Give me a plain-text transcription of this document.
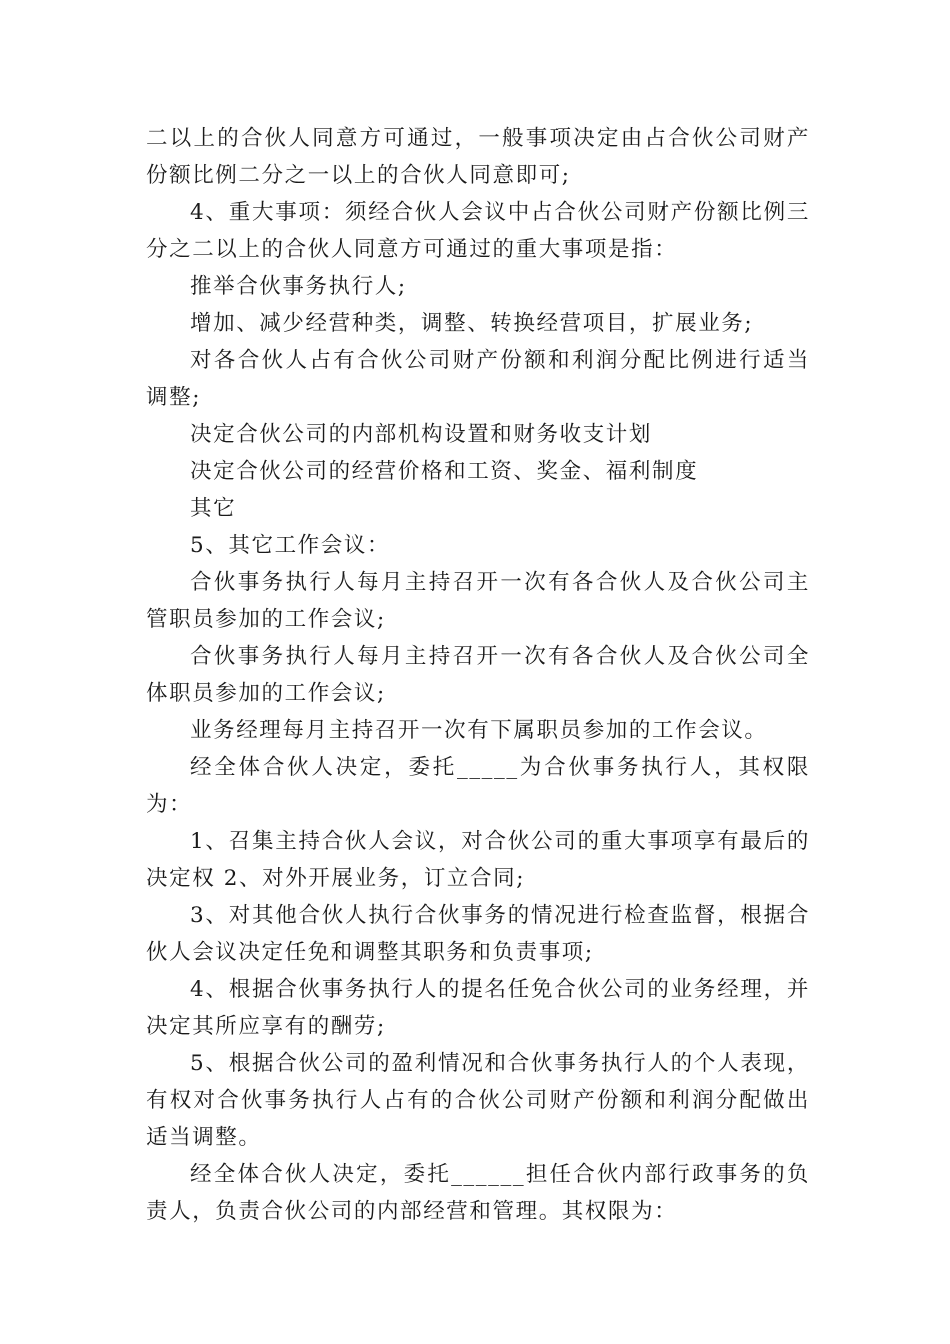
二以上的合伙人同意方可通过，一般事项决定由占合伙公司财产份额比例二分之一以上的合伙人同意即可;

4、重大事项：须经合伙人会议中占合伙公司财产份额比例三分之二以上的合伙人同意方可通过的重大事项是指：

推举合伙事务执行人;

增加、减少经营种类，调整、转换经营项目，扩展业务;

对各合伙人占有合伙公司财产份额和利润分配比例进行适当调整;

决定合伙公司的内部机构设置和财务收支计划

决定合伙公司的经营价格和工资、奖金、福利制度

其它

5、其它工作会议：

合伙事务执行人每月主持召开一次有各合伙人及合伙公司主管职员参加的工作会议;

合伙事务执行人每月主持召开一次有各合伙人及合伙公司全体职员参加的工作会议;

业务经理每月主持召开一次有下属职员参加的工作会议。

经全体合伙人决定，委托_____为合伙事务执行人，其权限为：

1、召集主持合伙人会议，对合伙公司的重大事项享有最后的决定权 2、对外开展业务，订立合同;

3、对其他合伙人执行合伙事务的情况进行检查监督，根据合伙人会议决定任免和调整其职务和负责事项;

4、根据合伙事务执行人的提名任免合伙公司的业务经理，并决定其所应享有的酬劳;

5、根据合伙公司的盈利情况和合伙事务执行人的个人表现，有权对合伙事务执行人占有的合伙公司财产份额和利润分配做出适当调整。

经全体合伙人决定，委托______担任合伙内部行政事务的负责人，负责合伙公司的内部经营和管理。其权限为：
